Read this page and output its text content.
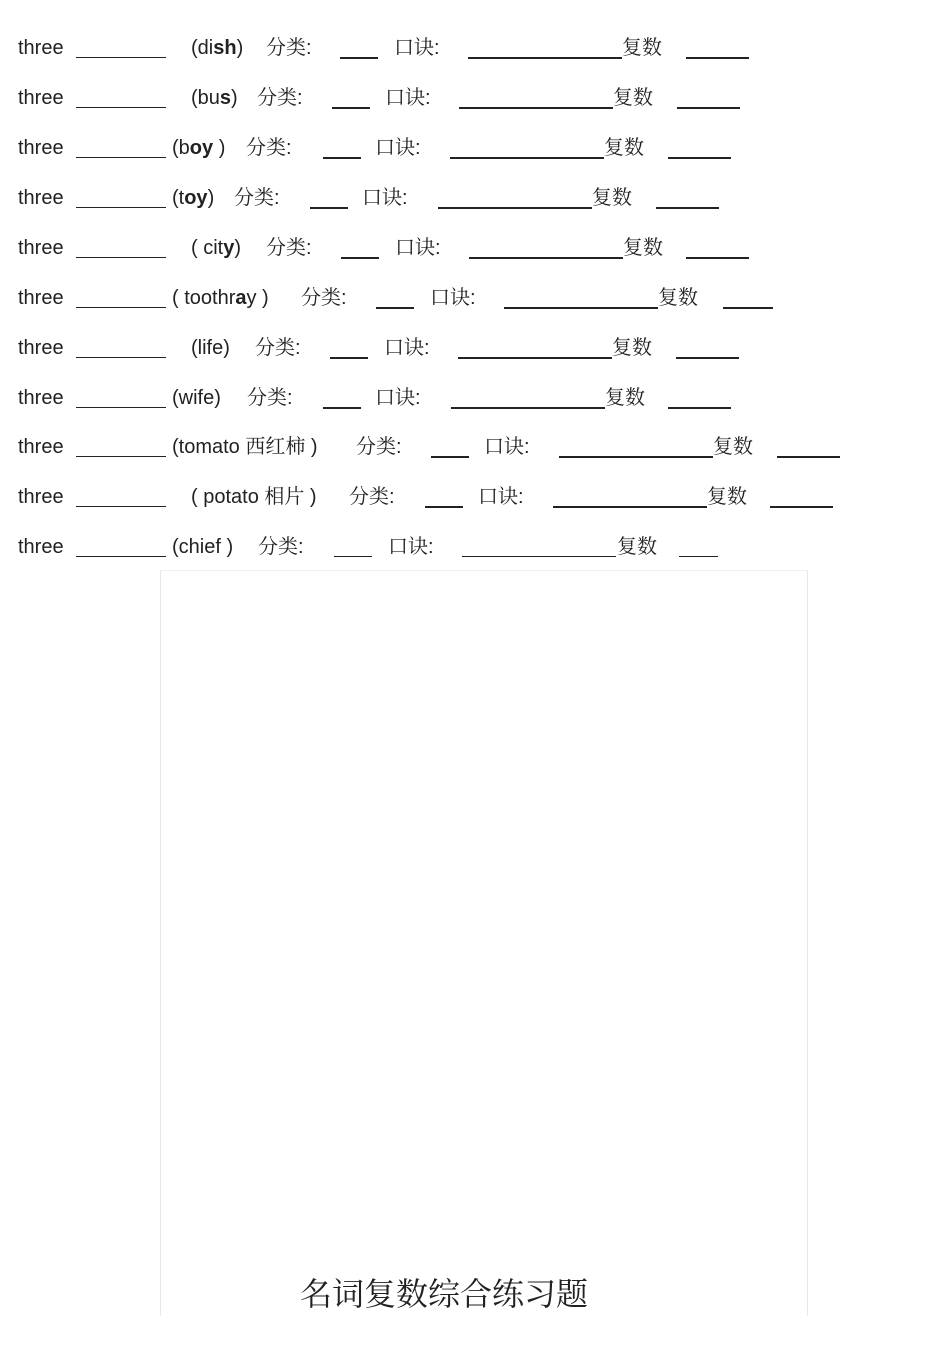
three	(dish) 分类:	口诀:	复数
three	(bus) 分类:	口诀:	复数
three	(boy ) 分类:	口诀:	复数
three	(toy) 分类:	口诀:	复数
three	( city) 分类:	口诀:	复数
three	( toothray ) 分类:	口诀:	复数
three	(life) 分类:	口诀:	复数
three	(wife) 分类:	口诀:	复数
three	(tomato 西红柿 ) 分类:	口诀:	复数
three	( potato 相片 ) 分类:	口诀:	复数
three	(chief ) 分类:	口诀:	复数
名词复数综合练习题
